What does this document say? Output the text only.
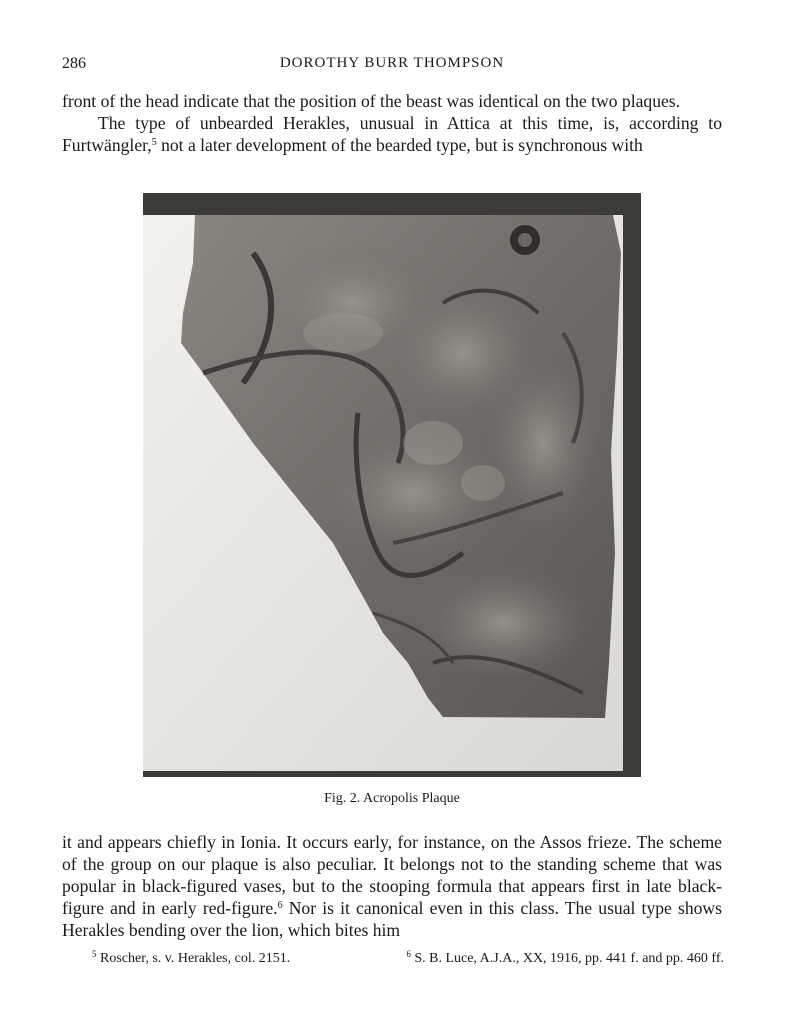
286	DOROTHY BURR THOMPSON

front of the head indicate that the position of the beast was identical on the two plaques.

The type of unbearded Herakles, unusual in Attica at this time, is, according to Furtwängler,$^5$ not a later development of the bearded type, but is synchronous with

Fig. 2. Acropolis Plaque

it and appears chiefly in Ionia. It occurs early, for instance, on the Assos frieze. The scheme of the group on our plaque is also peculiar. It belongs not to the standing scheme that was popular in black-figured vases, but to the stooping formula that appears first in late black-figure and in early red-figure.$^6$ Nor is it canonical even in this class. The usual type shows Herakles bending over the lion, which bites him

$^5$ Roscher, s. v. Herakles, col. 2151.	$^6$ S. B. Luce, A.J.A., XX, 1916, pp. 441 f. and pp. 460 ff.
